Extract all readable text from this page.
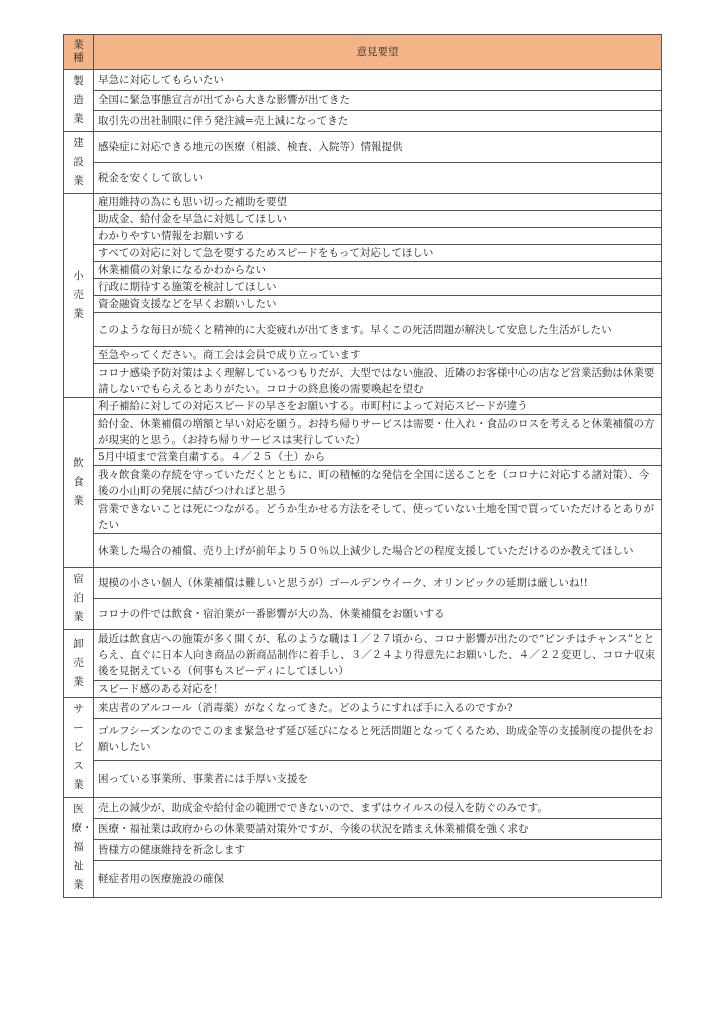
業種	意見要望
製造業	早急に対応してもらいたい
	全国に緊急事態宣言が出てから大きな影響が出てきた
	取引先の出社制限に伴う発注減=売上減になってきた
建設業	感染症に対応できる地元の医療（相談、検査、入院等）情報提供
	税金を安くして欲しい
小売業	雇用維持の為にも思い切った補助を要望
	助成金、給付金を早急に対処してほしい
	わかりやすい情報をお願いする
	すべての対応に対して急を要するためスピードをもって対応してほしい
	休業補償の対象になるかわからない
	行政に期待する施策を検討してほしい
	資金融資支援などを早くお願いしたい
	このような毎日が続くと精神的に大変疲れが出てきます。早くこの死活問題が解決して安息した生活がしたい
	至急やってください。商工会は会員で成り立っています
	コロナ感染予防対策はよく理解しているつもりだが、大型ではない施設、近隣のお客様中心の店など営業活動は休業要請しないでもらえるとありがたい。コロナの終息後の需要喚起を望む
飲食業	利子補給に対しての対応スピードの早さをお願いする。市町村によって対応スピードが違う
	給付金、休業補償の増額と早い対応を願う。お持ち帰りサービスは需要・仕入れ・食品のロスを考えると休業補償の方が現実的と思う。（お持ち帰りサービスは実行していた）
	5月中頃まで営業自粛する。４／２５（土）から
	我々飲食業の存続を守っていただくとともに、町の積極的な発信を全国に送ることを（コロナに対応する諸対策）、今後の小山町の発展に結びつければと思う
	営業できないことは死につながる。どうか生かせる方法をそして、使っていない土地を国で買っていただけるとありがたい
	休業した場合の補償、売り上げが前年より５０％以上減少した場合どの程度支援していただけるのか教えてほしい
宿泊業	規模の小さい個人（休業補償は難しいと思うが）ゴールデンウイーク、オリンピックの延期は厳しいね!!
	コロナの件では飲食・宿泊業が一番影響が大の為、休業補償をお願いする
卸売業	最近は飲食店への施策が多く開くが、私のような職は１／２７頃から、コロナ影響が出たので“ピンチはチャンス”ととらえ、直ぐに日本人向き商品の新商品制作に着手し、３／２４より得意先にお願いした、４／２２変更し、コロナ収束後を見据えている（何事もスピーディにしてほしい）
	スピード感のある対応を！
サービス業	来店者のアルコール（消毒薬）がなくなってきた。どのようにすれば手に入るのですか?
	ゴルフシーズンなのでこのまま緊急せず延び延びになると死活問題となってくるため、助成金等の支援制度の提供をお願いしたい
	困っている事業所、事業者には手厚い支援を
医療・福祉業	売上の減少が、助成金や給付金の範囲でできないので、まずはウイルスの侵入を防ぐのみです。
	医療・福祉業は政府からの休業要請対策外ですが、今後の状況を踏まえ休業補償を強く求む
	皆様方の健康維持を祈念します
	軽症者用の医療施設の確保
